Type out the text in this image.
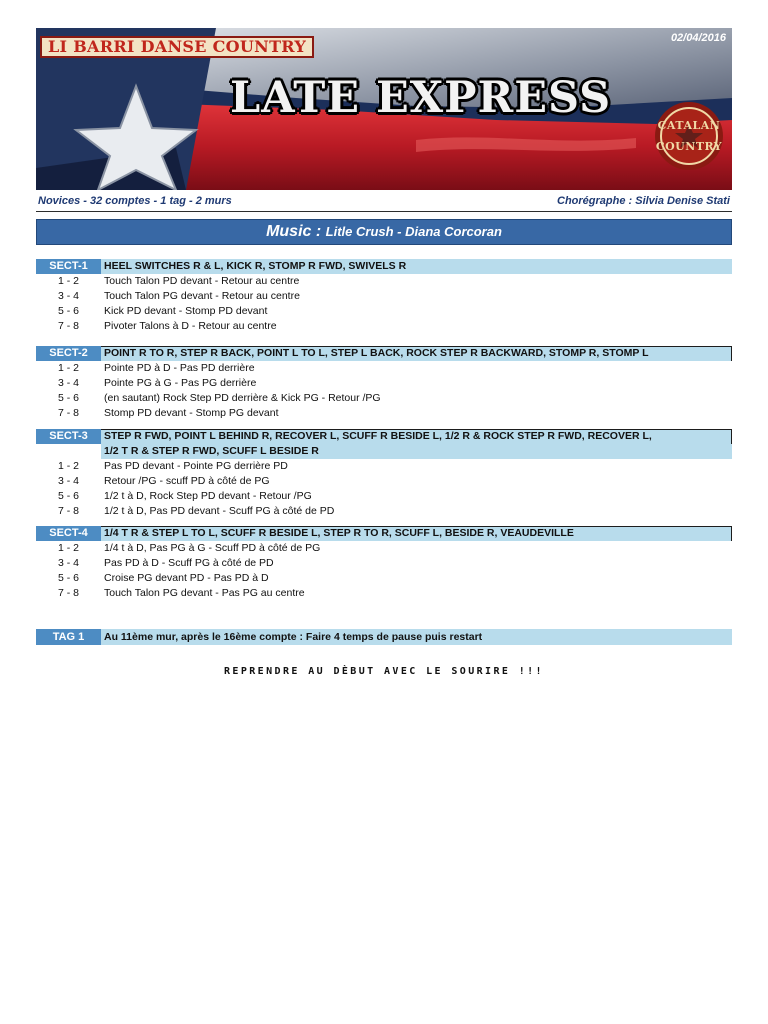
LI BARRI DANSE COUNTRY	02/04/2016
LATE EXPRESS
CATALAN
COUNTRY
Novices - 32 comptes - 1 tag - 2 murs	Chorégraphe : Silvia Denise Stati
Music : Litle Crush - Diana Corcoran
SECT-1	HEEL SWITCHES R & L, KICK R, STOMP R FWD, SWIVELS R
1 - 2	Touch Talon PD devant - Retour au centre
3 - 4	Touch Talon PG devant - Retour au centre
5 - 6	Kick PD devant - Stomp PD devant
7 - 8	Pivoter Talons à D - Retour au centre
SECT-2	POINT R TO R, STEP R BACK, POINT L TO L, STEP L BACK, ROCK STEP R BACKWARD, STOMP R, STOMP L
1 - 2	Pointe PD à D - Pas PD derrière
3 - 4	Pointe PG à G - Pas PG derrière
5 - 6	(en sautant) Rock Step PD derrière & Kick PG - Retour /PG
7 - 8	Stomp PD devant - Stomp PG devant
SECT-3	STEP R FWD, POINT L BEHIND R, RECOVER L, SCUFF R BESIDE L, 1/2 R & ROCK STEP R FWD, RECOVER L,
1/2 T R & STEP R FWD, SCUFF L BESIDE R
1 - 2	Pas PD devant - Pointe PG derrière PD
3 - 4	Retour /PG - scuff PD à côté de PG
5 - 6	1/2 t à D, Rock Step PD devant - Retour /PG
7 - 8	1/2 t à D, Pas PD devant - Scuff PG à côté de PD
SECT-4	1/4 T R & STEP L TO L, SCUFF R BESIDE L, STEP R TO R, SCUFF L, BESIDE R, VEAUDEVILLE
1 - 2	1/4 t à D, Pas PG à G - Scuff PD à côté de PG
3 - 4	Pas PD à D - Scuff PG à côté de PD
5 - 6	Croise PG devant PD - Pas PD à D
7 - 8	Touch Talon PG devant - Pas PG au centre
TAG 1	Au 11ème mur, après le 16ème compte : Faire 4 temps de pause puis restart
REPRENDRE AU DÈBUT AVEC LE SOURIRE !!!
